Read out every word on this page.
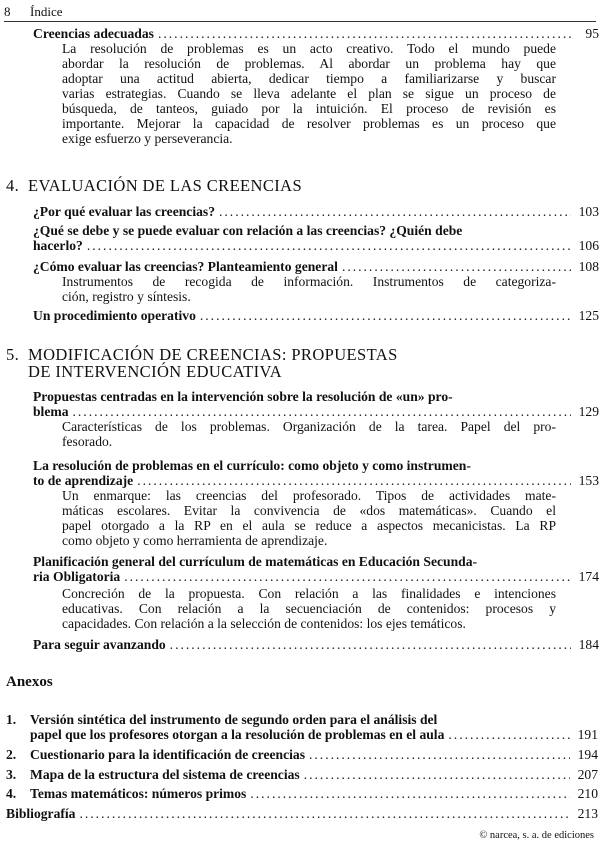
8	Índice
Creencias adecuadas .....	95
La resolución de problemas es un acto creativo. Todo el mundo puede
abordar la resolución de problemas. Al abordar un problema hay que
adoptar una actitud abierta, dedicar tiempo a familiarizarse y buscar
varias estrategias. Cuando se lleva adelante el plan se sigue un proceso de
búsqueda, de tanteos, guiado por la intuición. El proceso de revisión es
importante. Mejorar la capacidad de resolver problemas es un proceso que
exige esfuerzo y perseverancia.
4. EVALUACIÓN DE LAS CREENCIAS
¿Por qué evaluar las creencias? .....	103
¿Qué se debe y se puede evaluar con relación a las creencias? ¿Quién debe
hacerlo? .....	106
¿Cómo evaluar las creencias? Planteamiento general .....	108
Instrumentos de recogida de información. Instrumentos de categoriza-
ción, registro y síntesis.
Un procedimiento operativo .....	125
5. MODIFICACIÓN DE CREENCIAS: PROPUESTAS
DE INTERVENCIÓN EDUCATIVA
Propuestas centradas en la intervención sobre la resolución de «un» pro-
blema .....	129
Características de los problemas. Organización de la tarea. Papel del pro-
fesorado.
La resolución de problemas en el currículo: como objeto y como instrumen-
to de aprendizaje .....	153
Un enmarque: las creencias del profesorado. Tipos de actividades mate-
máticas escolares. Evitar la convivencia de «dos matemáticas». Cuando el
papel otorgado a la RP en el aula se reduce a aspectos mecanicistas. La RP
como objeto y como herramienta de aprendizaje.
Planificación general del currículum de matemáticas en Educación Secunda-
ria Obligatoria .....	174
Concreción de la propuesta. Con relación a las finalidades e intenciones
educativas. Con relación a la secuenciación de contenidos: procesos y
capacidades. Con relación a la selección de contenidos: los ejes temáticos.
Para seguir avanzando .....	184
Anexos
1.	Versión sintética del instrumento de segundo orden para el análisis del
papel que los profesores otorgan a la resolución de problemas en el aula .....	191
2.	Cuestionario para la identificación de creencias .....	194
3.	Mapa de la estructura del sistema de creencias .....	207
4.	Temas matemáticos: números primos .....	210
Bibliografía .....	213
© narcea, s. a. de ediciones
